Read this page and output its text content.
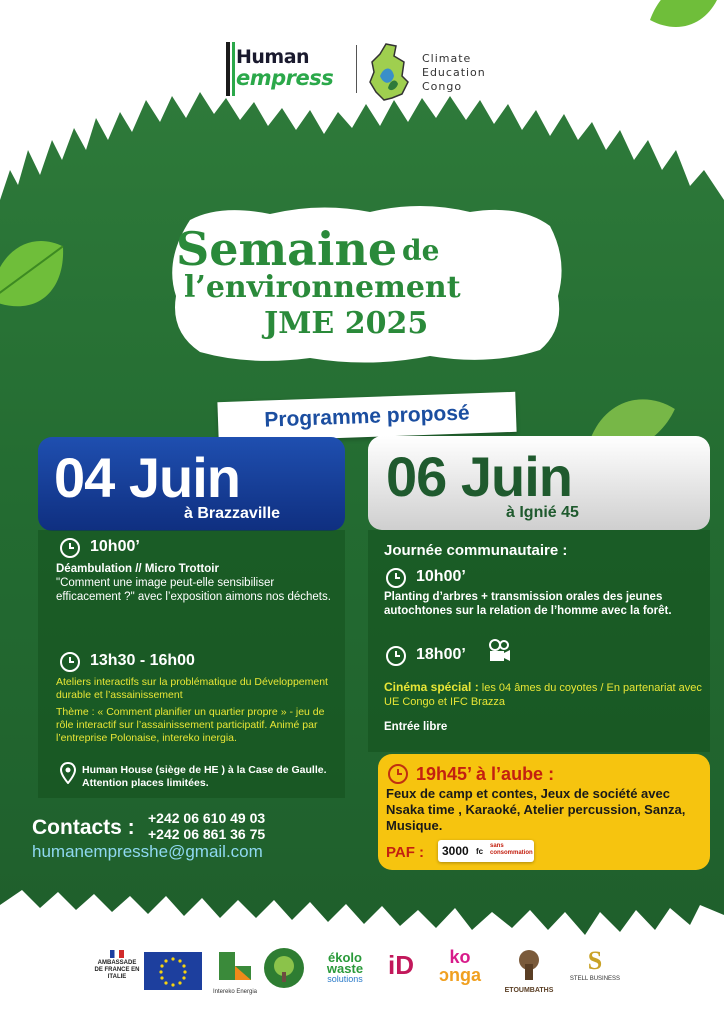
Human
empress
Climate
Education
Congo
Semaine de
l’environnement
JME 2025
Programme proposé
04 Juin
à Brazzaville
06 Juin
à Ignié 45
10h00’
Déambulation // Micro Trottoir
"Comment une image peut-elle sensibiliser efficacement ?" avec l’exposition aimons nos déchets.
13h30 - 16h00
Ateliers interactifs sur la problématique du Développement durable et l’assainissement
Thème : « Comment planifier un quartier propre » - jeu de rôle interactif sur l’assainissement participatif. Animé par l’entreprise Polonaise, intereko inergia.
Human House (siège de HE ) à la Case de Gaulle. Attention places limitées.
Journée communautaire :
10h00’
Planting d’arbres + transmission orales des jeunes autochtones sur la relation de l’homme avec la forêt.
18h00’
Cinéma spécial : les 04 âmes du coyotes / En partenariat avec UE Congo et IFC Brazza
Entrée libre
19h45’ à l’aube :
Feux de camp et contes, Jeux de société avec Nsaka time , Karaoké, Atelier percussion, Sanza, Musique.
PAF : 3000 fc
sans consommation
Contacts : +242 06 610 49 03
+242 06 861 36 75
humanempresshe@gmail.com
AMBASSADE DE FRANCE EN ITALIE
Intereko Energia
ékolo
waste
solutions iD	ko
ɔnga
ETOUMBATHS
S
STELL BUSINESS
